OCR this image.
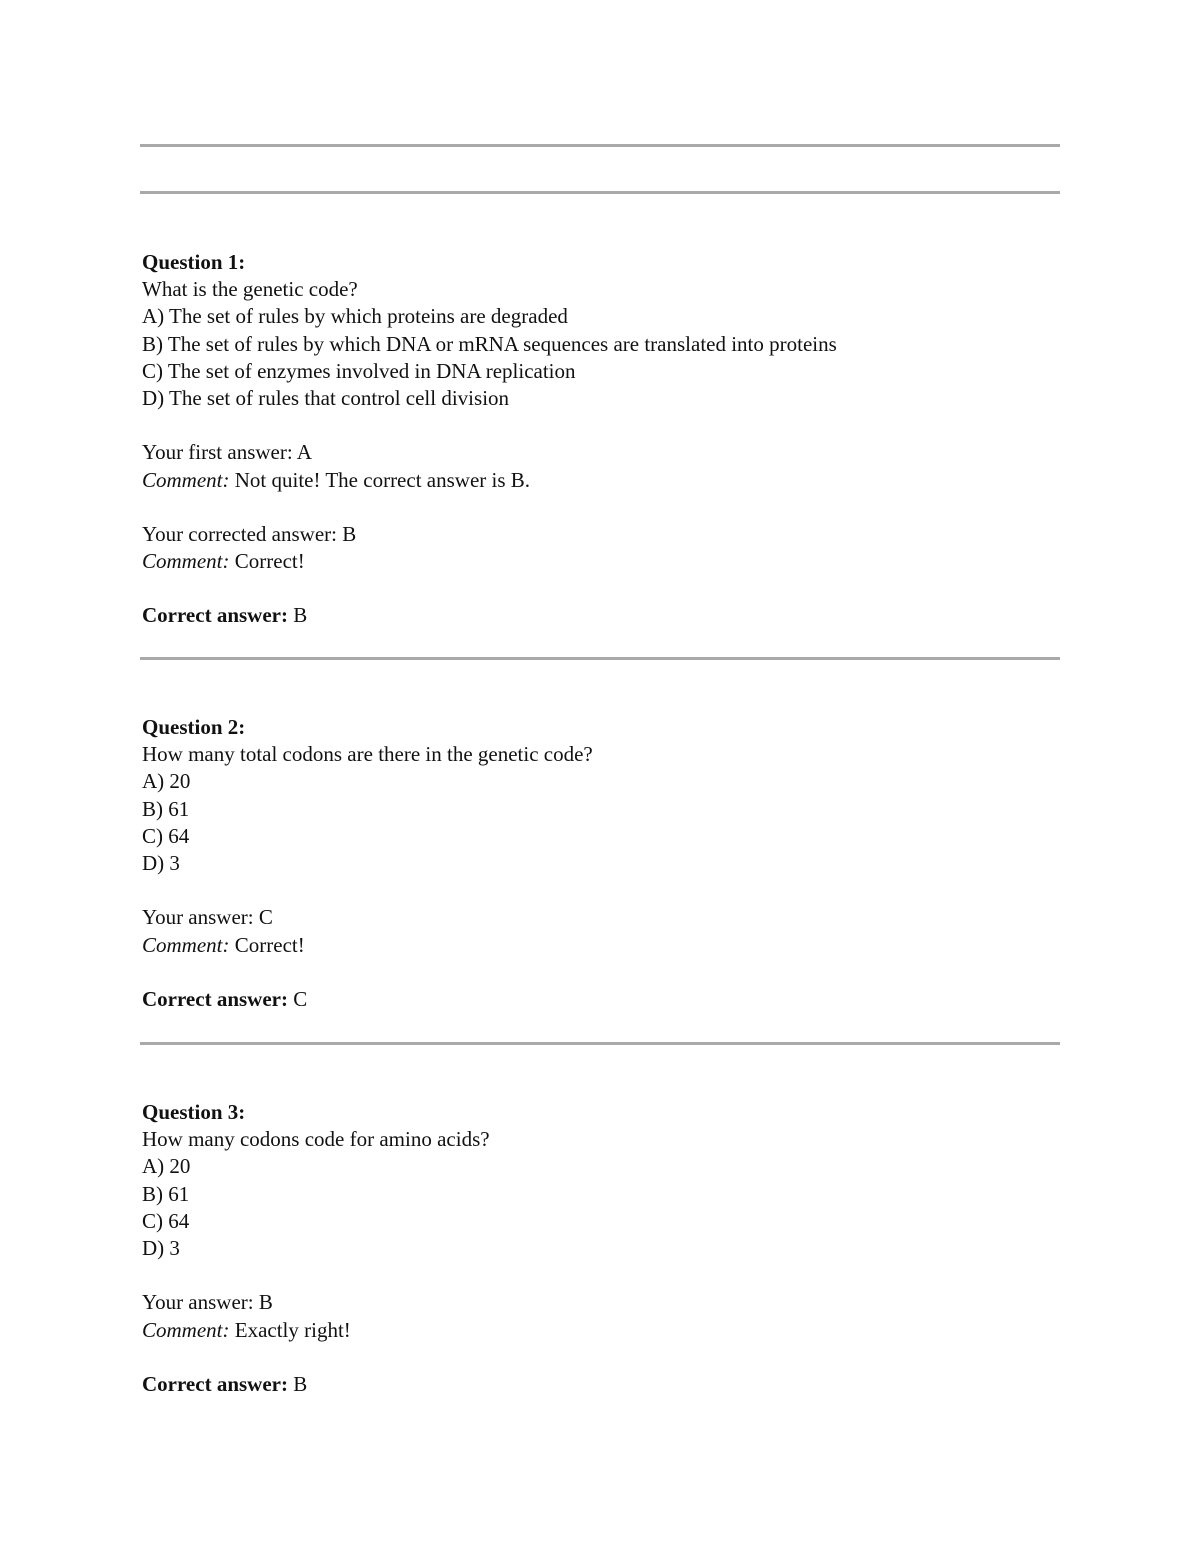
Question 1:
What is the genetic code?
A) The set of rules by which proteins are degraded
B) The set of rules by which DNA or mRNA sequences are translated into proteins
C) The set of enzymes involved in DNA replication
D) The set of rules that control cell division
Your first answer: A
Comment: Not quite! The correct answer is B.
Your corrected answer: B
Comment: Correct!
Correct answer: B
Question 2:
How many total codons are there in the genetic code?
A) 20
B) 61
C) 64
D) 3
Your answer: C
Comment: Correct!
Correct answer: C
Question 3:
How many codons code for amino acids?
A) 20
B) 61
C) 64
D) 3
Your answer: B
Comment: Exactly right!
Correct answer: B
